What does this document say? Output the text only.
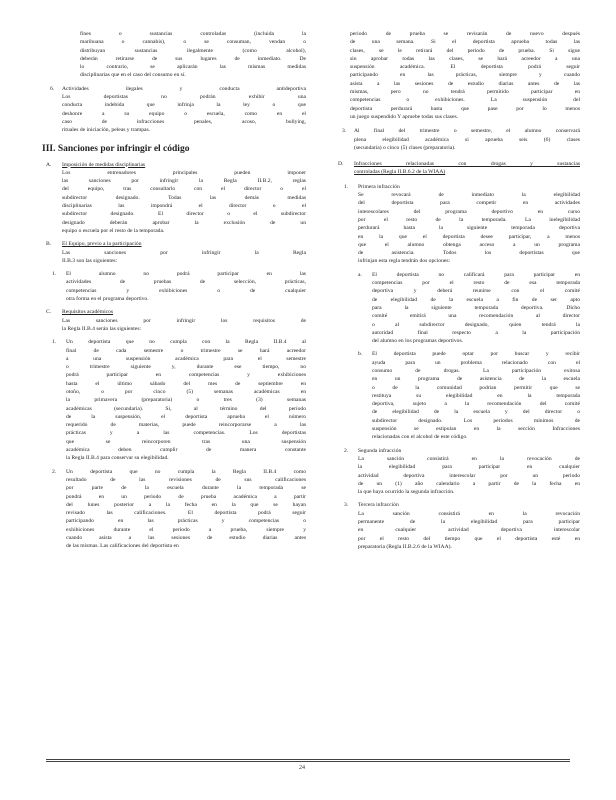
fines o sustancias controladas (incluida la
marihuana o cannabis), o se consuman, vendan o
distribuyan sustancias ilegalmente (como alcohol),
deberán retirarse de sus lugares de inmediato. De
lo contrario, se aplicarán las mismas medidas
disciplinarias que en el caso del consumo en sí.
6. Actividades ilegales y conducta antideportiva
Los deportistas no podrán exhibir una
conducta indebida que infrinja la ley o que
deshonre a su equipo o escuela, como en el
caso de infracciones penales, acoso, bullying,
rituales de iniciación, peleas y trampas.
III. Sanciones por infringir el código
A. Imposición de medidas disciplinarias

Los entrenadores principales pueden imponer
las sanciones por infringir la Regla II.B.2, reglas
del equipo, tras consultarlo con el director o el
subdirector designado. Todas las demás medidas
disciplinarias las impondrá el director o el
subdirector designado. El director o el subdirector
designado deberán aprobar la exclusión de un
equipo o escuela por el resto de la temporada.
B. El Equipo, previo a la participación

Las sanciones por infringir la Regla
II.B.3 son las siguientes:
1. El alumno no podrá participar en las
actividades de pruebas de selección, prácticas,
competencias y exhibiciones o de cualquier
otra forma en el programa deportivo.
C. Requisitos académicos

Las sanciones por infringir los requisitos de
la Regla II.B.4 serán las siguientes:
1. Un deportista que no cumpla con la Regla II.B.4 al
final de cada semestre o trimestre se hará acreedor
a una suspensión académica para el semestre
o trimestre siguiente y, durante ese tiempo, no
podrá participar en competencias y exhibiciones
hasta el último sábado del mes de septiembre en
otoño, o por cinco (5) semanas académicas en
la primavera (preparatoria) o tres (3) semanas
académicas (secundaria). Si, al término del período
de la suspensión, el deportista aprueba el número
requerido de materias, puede reincorporarse a las
prácticas y a las competencias. Los deportistas
que se reincorporen tras una suspensión
académica deben cumplir de manera constante
la Regla II.B.4 para conservar su elegibilidad.
2. Un deportista que no cumpla la Regla II.B.4 como
resultado de las revisiones de sus calificaciones
por parte de la escuela durante la temporada se
pondrá en un periodo de prueba académica a partir
del lunes posterior a la fecha en la que se hayan
revisado las calificaciones. El deportista podrá seguir
participando en las prácticas y competencias o
exhibiciones durante el periodo a prueba, siempre y
cuando asista a las sesiones de estudio diarias antes
de las mismas. Las calificaciones del deportista en
periodo de prueba se revisarán de nuevo después
de una semana. Si el deportista aprueba todas las
clases, se le retirará del periodo de prueba. Si sigue
sin aprobar todas las clases, se hará acreedor a una
suspensión académica. El deportista podrá seguir
participando en las prácticas, siempre y cuando
asista a las sesiones de estudio diarias antes de las
mismas, pero no tendrá permitido participar en
competencias o exhibiciones. La suspensión del
deportista perdurará hasta que pase por lo menos
un juego suspendido Y apruebe todas sus clases.
3. Al final del trimestre o semestre, el alumno conservará
plena elegibilidad académica si aprueba seis (6) clases
(secundaria) o cinco (5) clases (preparatoria).
D. Infracciones relacionadas con drogas y sustancias
controladas (Regla II.B.6.2 de la WIAA)
1. Primera infracción

Se revocará de inmediato la elegibilidad
del deportista para competir en actividades
interescolares del programa deportivo en curso
por el resto de la temporada. La inelegibilidad
perdurará hasta la siguiente temporada deportiva
en la que el deportista desee participar, a menos
que el alumno obtenga acceso a un programa
de asistencia. Todos los deportistas que
infrinjan esta regla tendrán dos opciones:
a. El deportista no calificará para participar en
competencias por el resto de esa temporada
deportiva y deberá reunirse con el comité
de elegibilidad de la escuela a fin de ser apto
para la siguiente temporada deportiva. Dicho
comité emitirá una recomendación al director
o al subdirector designado, quien tendrá la
autoridad final respecto a la participación
del alumno en los programas deportivos.
b. El deportista puede optar por buscar y recibir
ayuda para un problema relacionado con el
consumo de drogas. La participación exitosa
en un programa de asistencia de la escuela
o de la comunidad podrían permitir que se
restituya su elegibilidad en la temporada
deportiva, sujeto a la recomendación del comité
de elegibilidad de la escuela y del director o
subdirector designado. Los periodos mínimos de
suspensión se estipulan en la sección Infracciones
relacionadas con el alcohol de este código.
2. Segunda infracción

La sanción consistirá en la revocación de
la elegibilidad para participar en cualquier
actividad deportiva interescolar por un periodo
de un (1) año calendario a partir de la fecha en
la que haya ocurrido la segunda infracción.
3. Tercera infracción

La sanción consistirá en la revocación
permanente de la elegibilidad para participar
en cualquier actividad deportiva interescolar
por el resto del tiempo que el deportista esté en
preparatoria (Regla II.B.2.6 de la WIAA).
24
